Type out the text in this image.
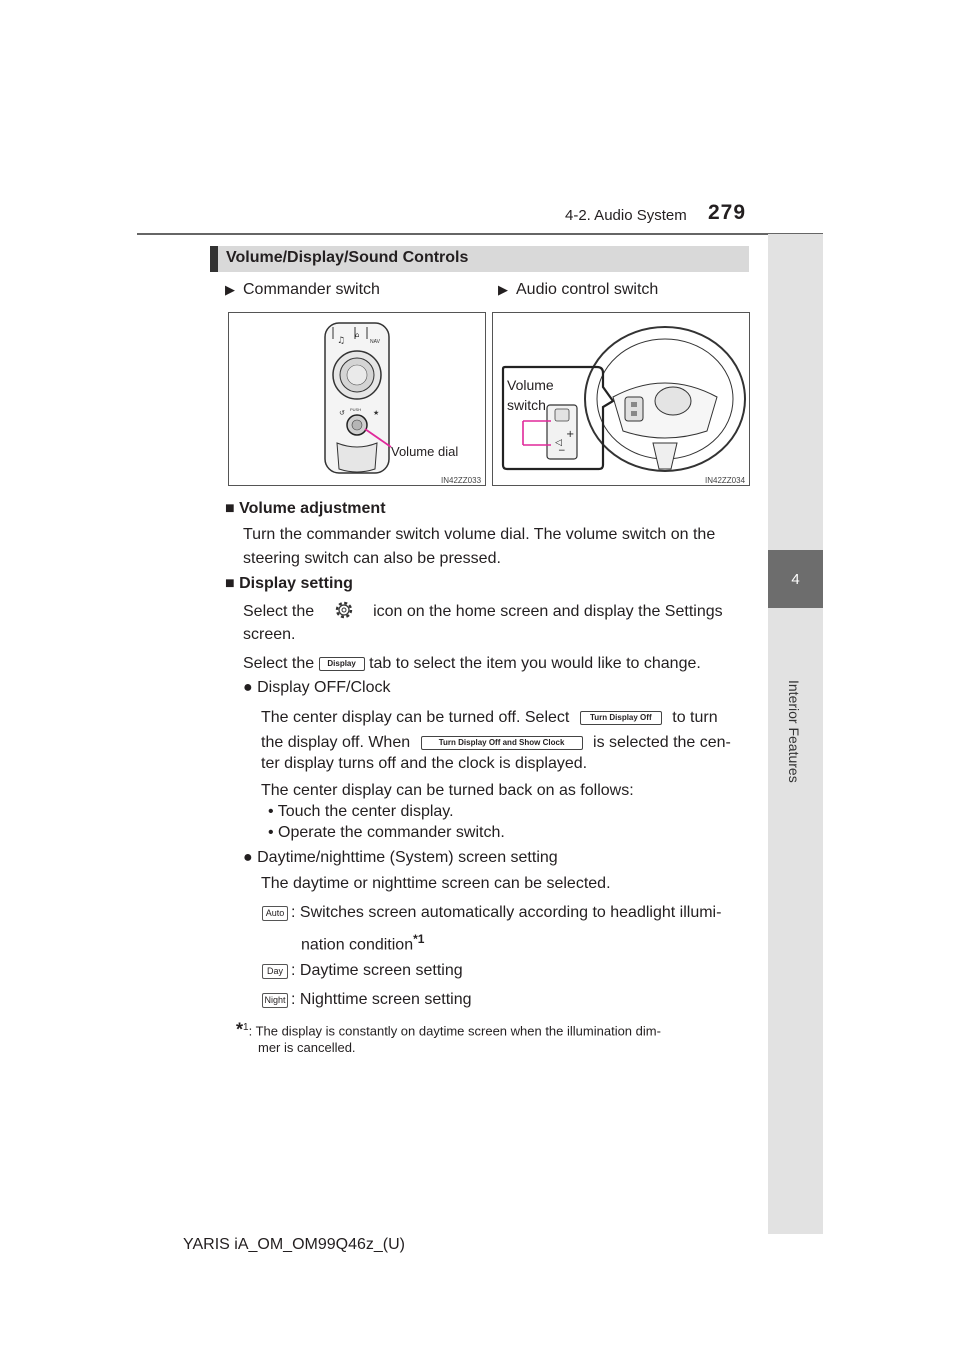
4-2. Audio System 279
4
Interior Features
Volume/Display/Sound Controls
▶ Commander switch	▶ Audio control switch
♫
⌂
NAV
↺	★
PUSH
Volume dial
IN42ZZ033
+
◁
−
Volume
switch
IN42ZZ034
■ Volume adjustment
Turn the commander switch volume dial. The volume switch on the
steering switch can also be pressed.
■ Display setting
Select the	icon on the home screen and display the Settings
screen.
Select the Display tab to select the item you would like to change.
● Display OFF/Clock
The center display can be turned off. Select	Turn Display Off to turn
the display off. When	Turn Display Off and Show Clock is selected the cen-
ter display turns off and the clock is displayed.
The center display can be turned back on as follows:
• Touch the center display.
• Operate the commander switch.
● Daytime/nighttime (System) screen setting
The daytime or nighttime screen can be selected.
Auto : Switches screen automatically according to headlight illumi-
nation condition$^{*1}$
Day : Daytime screen setting
Night : Nighttime screen setting
*$^1$: The display is constantly on daytime screen when the illumination dim-
mer is cancelled.
YARIS iA_OM_OM99Q46z_(U)
